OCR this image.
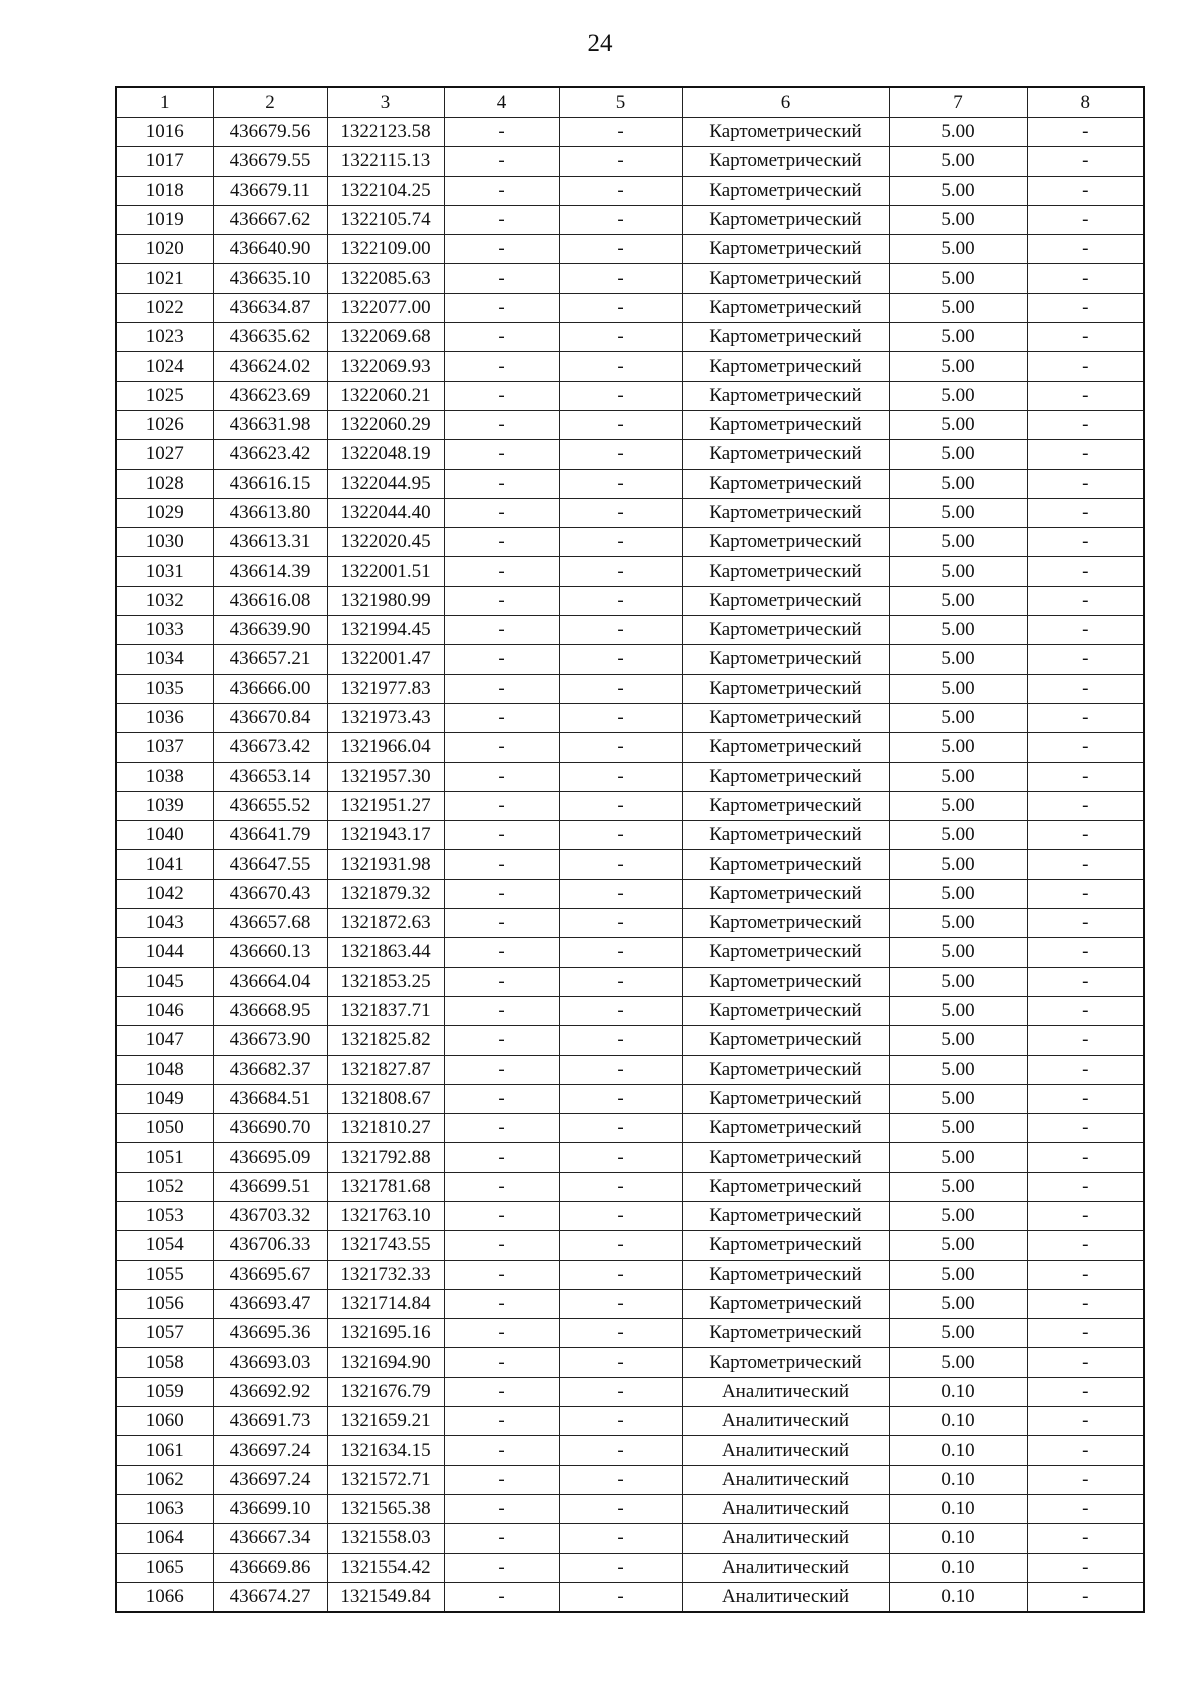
24
1	2	3	4	5	6	7	8
1016	436679.56	1322123.58	-	-	Картометрический	5.00	-
1017	436679.55	1322115.13	-	-	Картометрический	5.00	-
1018	436679.11	1322104.25	-	-	Картометрический	5.00	-
1019	436667.62	1322105.74	-	-	Картометрический	5.00	-
1020	436640.90	1322109.00	-	-	Картометрический	5.00	-
1021	436635.10	1322085.63	-	-	Картометрический	5.00	-
1022	436634.87	1322077.00	-	-	Картометрический	5.00	-
1023	436635.62	1322069.68	-	-	Картометрический	5.00	-
1024	436624.02	1322069.93	-	-	Картометрический	5.00	-
1025	436623.69	1322060.21	-	-	Картометрический	5.00	-
1026	436631.98	1322060.29	-	-	Картометрический	5.00	-
1027	436623.42	1322048.19	-	-	Картометрический	5.00	-
1028	436616.15	1322044.95	-	-	Картометрический	5.00	-
1029	436613.80	1322044.40	-	-	Картометрический	5.00	-
1030	436613.31	1322020.45	-	-	Картометрический	5.00	-
1031	436614.39	1322001.51	-	-	Картометрический	5.00	-
1032	436616.08	1321980.99	-	-	Картометрический	5.00	-
1033	436639.90	1321994.45	-	-	Картометрический	5.00	-
1034	436657.21	1322001.47	-	-	Картометрический	5.00	-
1035	436666.00	1321977.83	-	-	Картометрический	5.00	-
1036	436670.84	1321973.43	-	-	Картометрический	5.00	-
1037	436673.42	1321966.04	-	-	Картометрический	5.00	-
1038	436653.14	1321957.30	-	-	Картометрический	5.00	-
1039	436655.52	1321951.27	-	-	Картометрический	5.00	-
1040	436641.79	1321943.17	-	-	Картометрический	5.00	-
1041	436647.55	1321931.98	-	-	Картометрический	5.00	-
1042	436670.43	1321879.32	-	-	Картометрический	5.00	-
1043	436657.68	1321872.63	-	-	Картометрический	5.00	-
1044	436660.13	1321863.44	-	-	Картометрический	5.00	-
1045	436664.04	1321853.25	-	-	Картометрический	5.00	-
1046	436668.95	1321837.71	-	-	Картометрический	5.00	-
1047	436673.90	1321825.82	-	-	Картометрический	5.00	-
1048	436682.37	1321827.87	-	-	Картометрический	5.00	-
1049	436684.51	1321808.67	-	-	Картометрический	5.00	-
1050	436690.70	1321810.27	-	-	Картометрический	5.00	-
1051	436695.09	1321792.88	-	-	Картометрический	5.00	-
1052	436699.51	1321781.68	-	-	Картометрический	5.00	-
1053	436703.32	1321763.10	-	-	Картометрический	5.00	-
1054	436706.33	1321743.55	-	-	Картометрический	5.00	-
1055	436695.67	1321732.33	-	-	Картометрический	5.00	-
1056	436693.47	1321714.84	-	-	Картометрический	5.00	-
1057	436695.36	1321695.16	-	-	Картометрический	5.00	-
1058	436693.03	1321694.90	-	-	Картометрический	5.00	-
1059	436692.92	1321676.79	-	-	Аналитический	0.10	-
1060	436691.73	1321659.21	-	-	Аналитический	0.10	-
1061	436697.24	1321634.15	-	-	Аналитический	0.10	-
1062	436697.24	1321572.71	-	-	Аналитический	0.10	-
1063	436699.10	1321565.38	-	-	Аналитический	0.10	-
1064	436667.34	1321558.03	-	-	Аналитический	0.10	-
1065	436669.86	1321554.42	-	-	Аналитический	0.10	-
1066	436674.27	1321549.84	-	-	Аналитический	0.10	-
